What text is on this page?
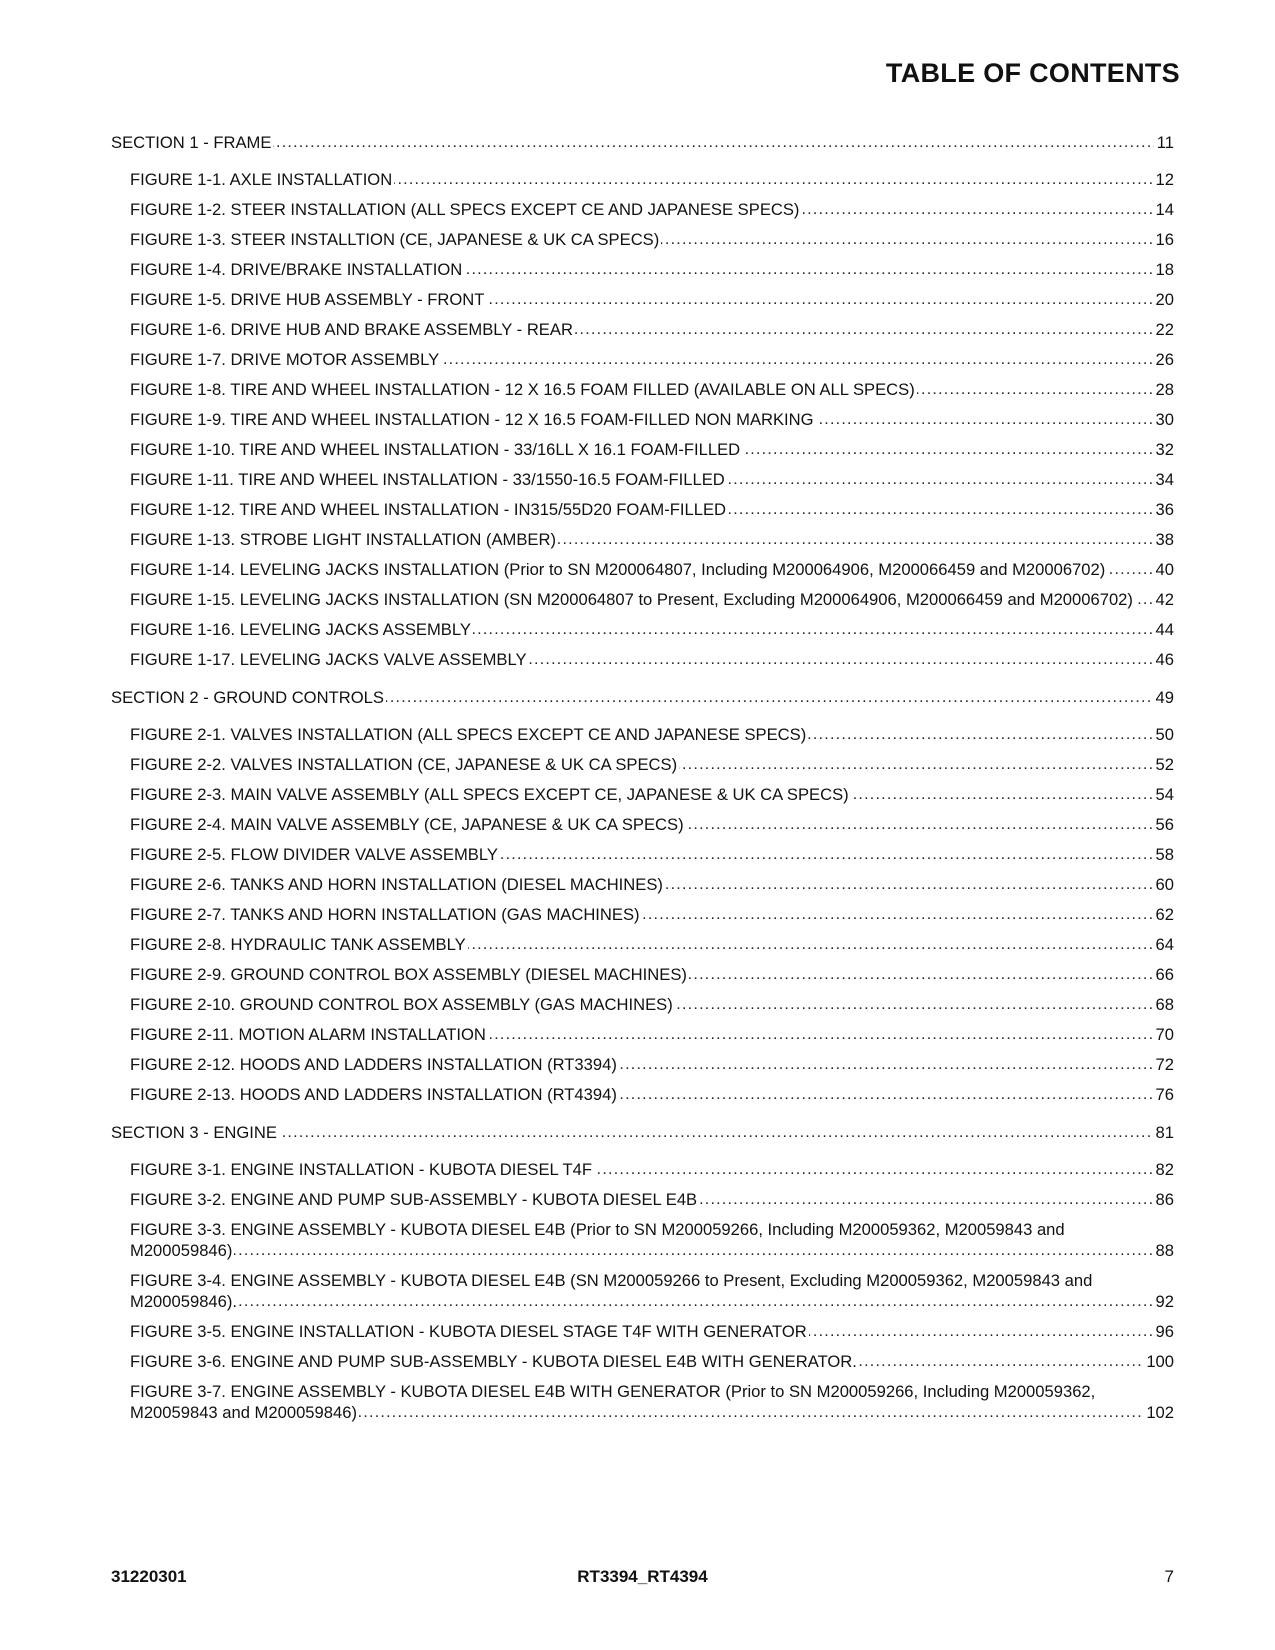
TABLE OF CONTENTS
SECTION 1 - FRAME . . .	11
FIGURE 1-1. AXLE INSTALLATION . . .	12
FIGURE 1-2. STEER INSTALLATION (ALL SPECS EXCEPT CE AND JAPANESE SPECS) . . .	14
FIGURE 1-3. STEER INSTALLTION (CE, JAPANESE & UK CA SPECS) . . .	16
FIGURE 1-4. DRIVE/BRAKE INSTALLATION . . .	18
FIGURE 1-5. DRIVE HUB ASSEMBLY - FRONT . . .	20
FIGURE 1-6. DRIVE HUB AND BRAKE ASSEMBLY - REAR . . .	22
FIGURE 1-7. DRIVE MOTOR ASSEMBLY . . .	26
FIGURE 1-8. TIRE AND WHEEL INSTALLATION - 12 X 16.5 FOAM FILLED (AVAILABLE ON ALL SPECS) . . .	28
FIGURE 1-9. TIRE AND WHEEL INSTALLATION - 12 X 16.5 FOAM-FILLED NON MARKING . . .	30
FIGURE 1-10. TIRE AND WHEEL INSTALLATION - 33/16LL X 16.1 FOAM-FILLED . . .	32
FIGURE 1-11. TIRE AND WHEEL INSTALLATION - 33/1550-16.5 FOAM-FILLED . . .	34
FIGURE 1-12. TIRE AND WHEEL INSTALLATION - IN315/55D20 FOAM-FILLED . . .	36
FIGURE 1-13. STROBE LIGHT INSTALLATION (AMBER) . . .	38
FIGURE 1-14. LEVELING JACKS INSTALLATION (Prior to SN M200064807, Including M200064906, M200066459 and M20006702) . . .	40
FIGURE 1-15. LEVELING JACKS INSTALLATION (SN M200064807 to Present, Excluding M200064906, M200066459 and M20006702) . . .	42
FIGURE 1-16. LEVELING JACKS ASSEMBLY . . .	44
FIGURE 1-17. LEVELING JACKS VALVE ASSEMBLY . . .	46
SECTION 2 - GROUND CONTROLS . . .	49
FIGURE 2-1. VALVES INSTALLATION (ALL SPECS EXCEPT CE AND JAPANESE SPECS) . . .	50
FIGURE 2-2. VALVES INSTALLATION (CE, JAPANESE & UK CA SPECS) . . .	52
FIGURE 2-3. MAIN VALVE ASSEMBLY (ALL SPECS EXCEPT CE, JAPANESE & UK CA SPECS) . . .	54
FIGURE 2-4. MAIN VALVE ASSEMBLY (CE, JAPANESE & UK CA SPECS) . . .	56
FIGURE 2-5. FLOW DIVIDER VALVE ASSEMBLY . . .	58
FIGURE 2-6. TANKS AND HORN INSTALLATION (DIESEL MACHINES) . . .	60
FIGURE 2-7. TANKS AND HORN INSTALLATION (GAS MACHINES) . . .	62
FIGURE 2-8. HYDRAULIC TANK ASSEMBLY . . .	64
FIGURE 2-9. GROUND CONTROL BOX ASSEMBLY (DIESEL MACHINES) . . .	66
FIGURE 2-10. GROUND CONTROL BOX ASSEMBLY (GAS MACHINES) . . .	68
FIGURE 2-11. MOTION ALARM INSTALLATION . . .	70
FIGURE 2-12. HOODS AND LADDERS INSTALLATION (RT3394) . . .	72
FIGURE 2-13. HOODS AND LADDERS INSTALLATION (RT4394) . . .	76
SECTION 3 - ENGINE . . .	81
FIGURE 3-1. ENGINE INSTALLATION - KUBOTA DIESEL T4F . . .	82
FIGURE 3-2. ENGINE AND PUMP SUB-ASSEMBLY - KUBOTA DIESEL E4B . . .	86
FIGURE 3-3. ENGINE ASSEMBLY - KUBOTA DIESEL E4B (Prior to SN M200059266, Including M200059362, M20059843 and M200059846) . . .	88
FIGURE 3-4. ENGINE ASSEMBLY - KUBOTA DIESEL E4B (SN M200059266 to Present, Excluding M200059362, M20059843 and M200059846). . . .	92
FIGURE 3-5. ENGINE INSTALLATION - KUBOTA DIESEL STAGE T4F WITH GENERATOR . . .	96
FIGURE 3-6. ENGINE AND PUMP SUB-ASSEMBLY - KUBOTA DIESEL E4B WITH GENERATOR. . . .	100
FIGURE 3-7. ENGINE ASSEMBLY - KUBOTA DIESEL E4B WITH GENERATOR (Prior to SN M200059266, Including M200059362, M20059843 and M200059846) . . .	102
31220301	RT3394_RT4394	7
